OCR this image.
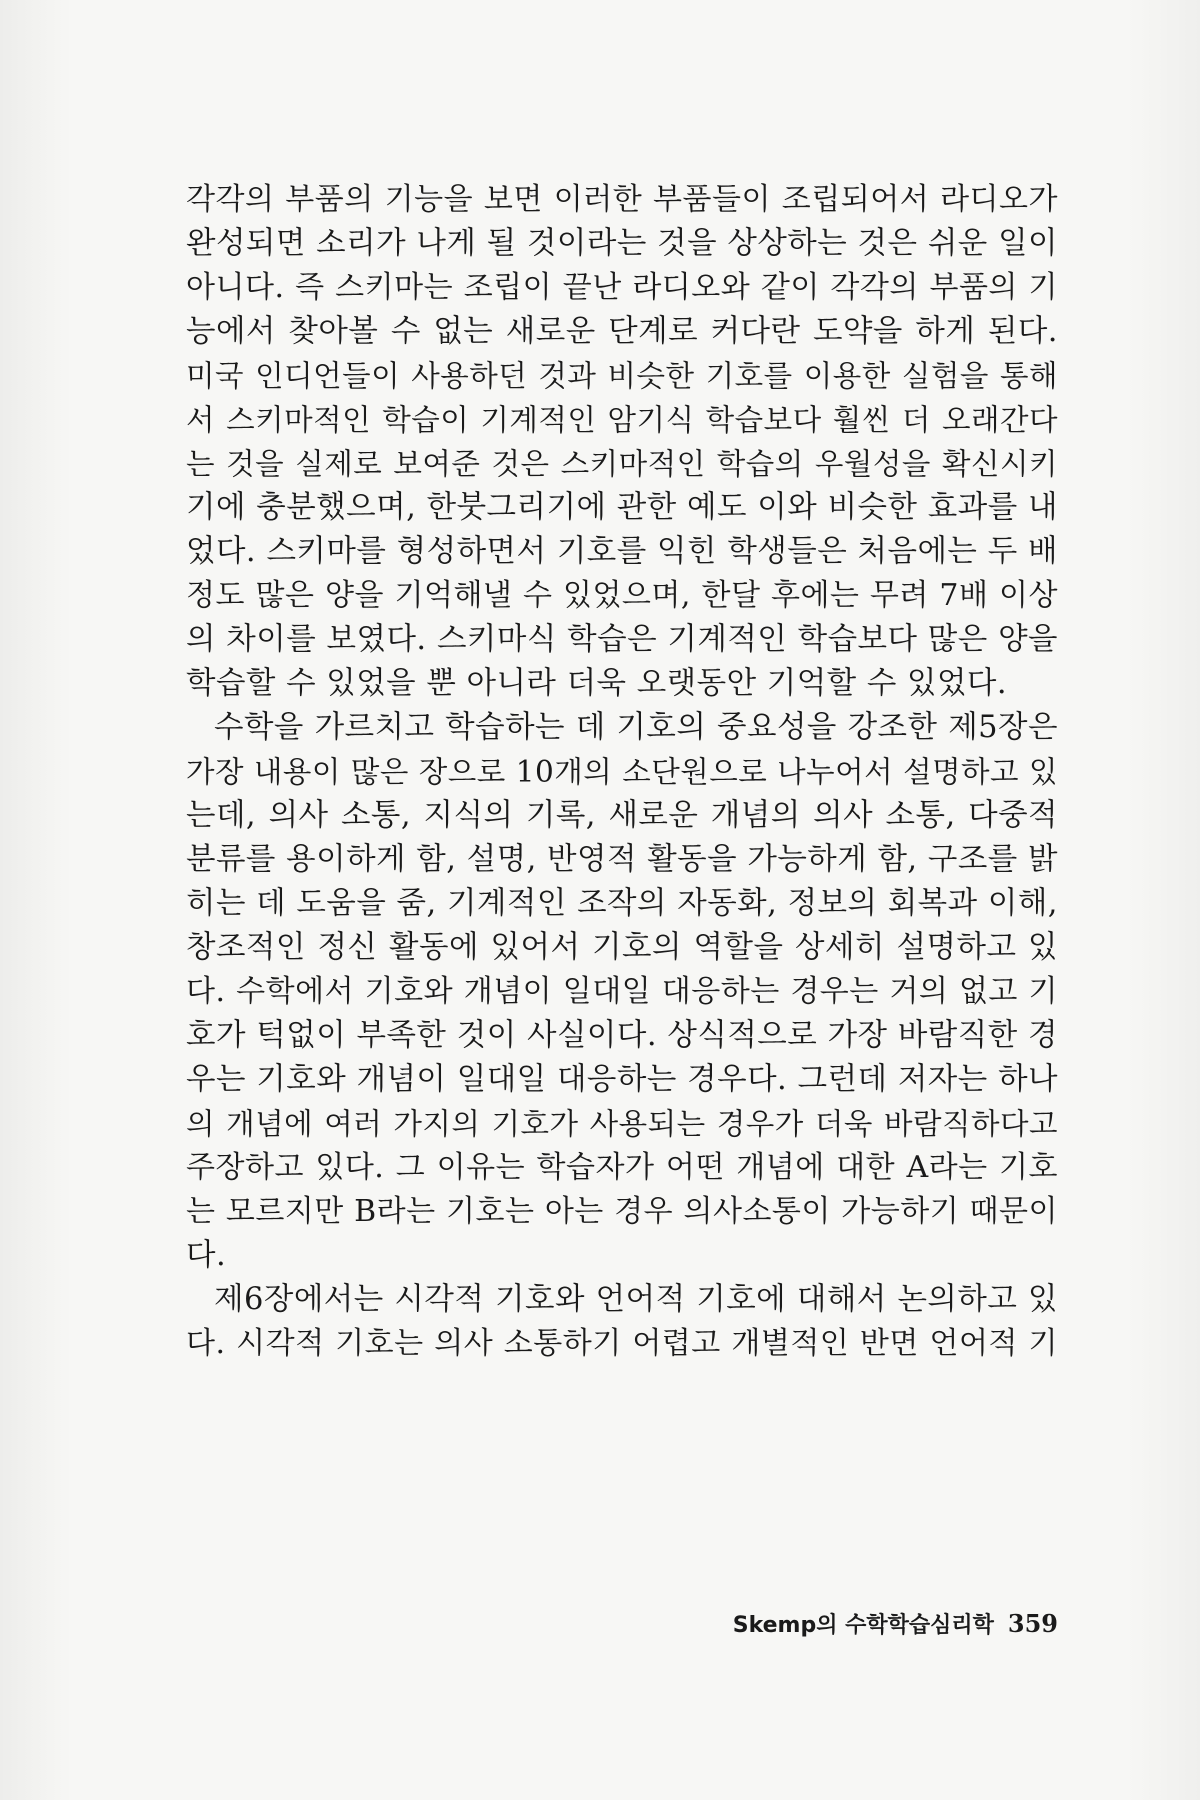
각각의 부품의 기능을 보면 이러한 부품들이 조립되어서 라디오가
완성되면 소리가 나게 될 것이라는 것을 상상하는 것은 쉬운 일이
아니다. 즉 스키마는 조립이 끝난 라디오와 같이 각각의 부품의 기
능에서 찾아볼 수 없는 새로운 단계로 커다란 도약을 하게 된다.
미국 인디언들이 사용하던 것과 비슷한 기호를 이용한 실험을 통해
서 스키마적인 학습이 기계적인 암기식 학습보다 훨씬 더 오래간다
는 것을 실제로 보여준 것은 스키마적인 학습의 우월성을 확신시키
기에 충분했으며, 한붓그리기에 관한 예도 이와 비슷한 효과를 내
었다. 스키마를 형성하면서 기호를 익힌 학생들은 처음에는 두 배
정도 많은 양을 기억해낼 수 있었으며, 한달 후에는 무려 7배 이상
의 차이를 보였다. 스키마식 학습은 기계적인 학습보다 많은 양을
학습할 수 있었을 뿐 아니라 더욱 오랫동안 기억할 수 있었다.
수학을 가르치고 학습하는 데 기호의 중요성을 강조한 제5장은
가장 내용이 많은 장으로 10개의 소단원으로 나누어서 설명하고 있
는데, 의사 소통, 지식의 기록, 새로운 개념의 의사 소통, 다중적
분류를 용이하게 함, 설명, 반영적 활동을 가능하게 함, 구조를 밝
히는 데 도움을 줌, 기계적인 조작의 자동화, 정보의 회복과 이해,
창조적인 정신 활동에 있어서 기호의 역할을 상세히 설명하고 있
다. 수학에서 기호와 개념이 일대일 대응하는 경우는 거의 없고 기
호가 턱없이 부족한 것이 사실이다. 상식적으로 가장 바람직한 경
우는 기호와 개념이 일대일 대응하는 경우다. 그런데 저자는 하나
의 개념에 여러 가지의 기호가 사용되는 경우가 더욱 바람직하다고
주장하고 있다. 그 이유는 학습자가 어떤 개념에 대한 A라는 기호
는 모르지만 B라는 기호는 아는 경우 의사소통이 가능하기 때문이
다.
제6장에서는 시각적 기호와 언어적 기호에 대해서 논의하고 있
다. 시각적 기호는 의사 소통하기 어렵고 개별적인 반면 언어적 기
Skemp의 수학학습심리학 359
